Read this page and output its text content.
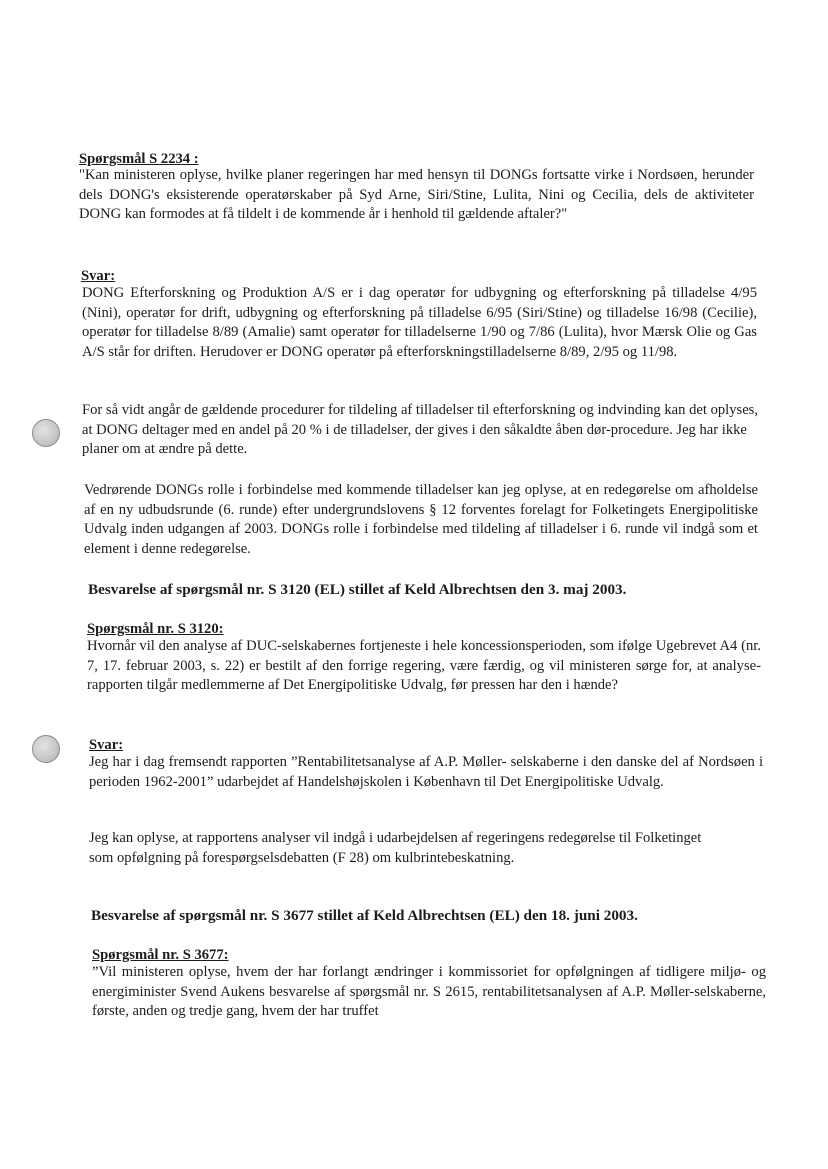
Spørgsmål S 2234 :
"Kan ministeren oplyse, hvilke planer regeringen har med hensyn til DONGs fortsatte virke i Nordsøen, herunder dels DONG's eksisterende operatørskaber på Syd Arne, Siri/Stine, Lulita, Nini og Cecilia, dels de aktiviteter DONG kan formodes at få tildelt i de kommende år i henhold til gældende aftaler?"
Svar:
DONG Efterforskning og Produktion A/S er i dag operatør for udbygning og efterforskning på tilladelse 4/95 (Nini), operatør for drift, udbygning og efterforskning på tilladelse 6/95 (Siri/Stine) og tilladelse 16/98 (Cecilie), operatør for tilladelse 8/89 (Amalie) samt operatør for tilladelserne 1/90 og 7/86 (Lulita), hvor Mærsk Olie og Gas A/S står for driften. Herudover er DONG operatør på efterforskningstilladelserne 8/89, 2/95 og 11/98.
For så vidt angår de gældende procedurer for tildeling af tilladelser til efterforskning og indvinding kan det oplyses, at DONG deltager med en andel på 20 % i de tilladelser, der gives i den såkaldte åben dør-procedure. Jeg har ikke planer om at ændre på dette.
Vedrørende DONGs rolle i forbindelse med kommende tilladelser kan jeg oplyse, at en redegørelse om afholdelse af en ny udbudsrunde (6. runde) efter undergrundslovens § 12 forventes forelagt for Folketingets Energipolitiske Udvalg inden udgangen af 2003. DONGs rolle i forbindelse med tildeling af tilladelser i 6. runde vil indgå som et element i denne redegørelse.
Besvarelse af spørgsmål nr. S 3120 (EL) stillet af Keld Albrechtsen den 3. maj 2003.
Spørgsmål nr. S 3120:
Hvornår vil den analyse af DUC-selskabernes fortjeneste i hele koncessionsperioden, som ifølge Ugebrevet A4 (nr. 7, 17. februar 2003, s. 22) er bestilt af den forrige regering, være færdig, og vil ministeren sørge for, at analyse-rapporten tilgår medlemmerne af Det Energipolitiske Udvalg, før pressen har den i hænde?
Svar:
Jeg har i dag fremsendt rapporten ”Rentabilitetsanalyse af A.P. Møller- selskaberne i den danske del af Nordsøen i perioden 1962-2001” udarbejdet af Handelshøjskolen i København til Det Energipolitiske Udvalg.
Jeg kan oplyse, at rapportens analyser vil indgå i udarbejdelsen af regeringens redegørelse til Folketinget som opfølgning på forespørgselsdebatten (F 28) om kulbrintebeskatning.
Besvarelse af spørgsmål nr. S 3677 stillet af Keld Albrechtsen (EL) den 18. juni 2003.
Spørgsmål nr. S 3677:
”Vil ministeren oplyse, hvem der har forlangt ændringer i kommissoriet for opfølgningen af tidligere miljø- og energiminister Svend Aukens besvarelse af spørgsmål nr. S 2615, rentabilitetsanalysen af A.P. Møller-selskaberne, første, anden og tredje gang, hvem der har truffet
